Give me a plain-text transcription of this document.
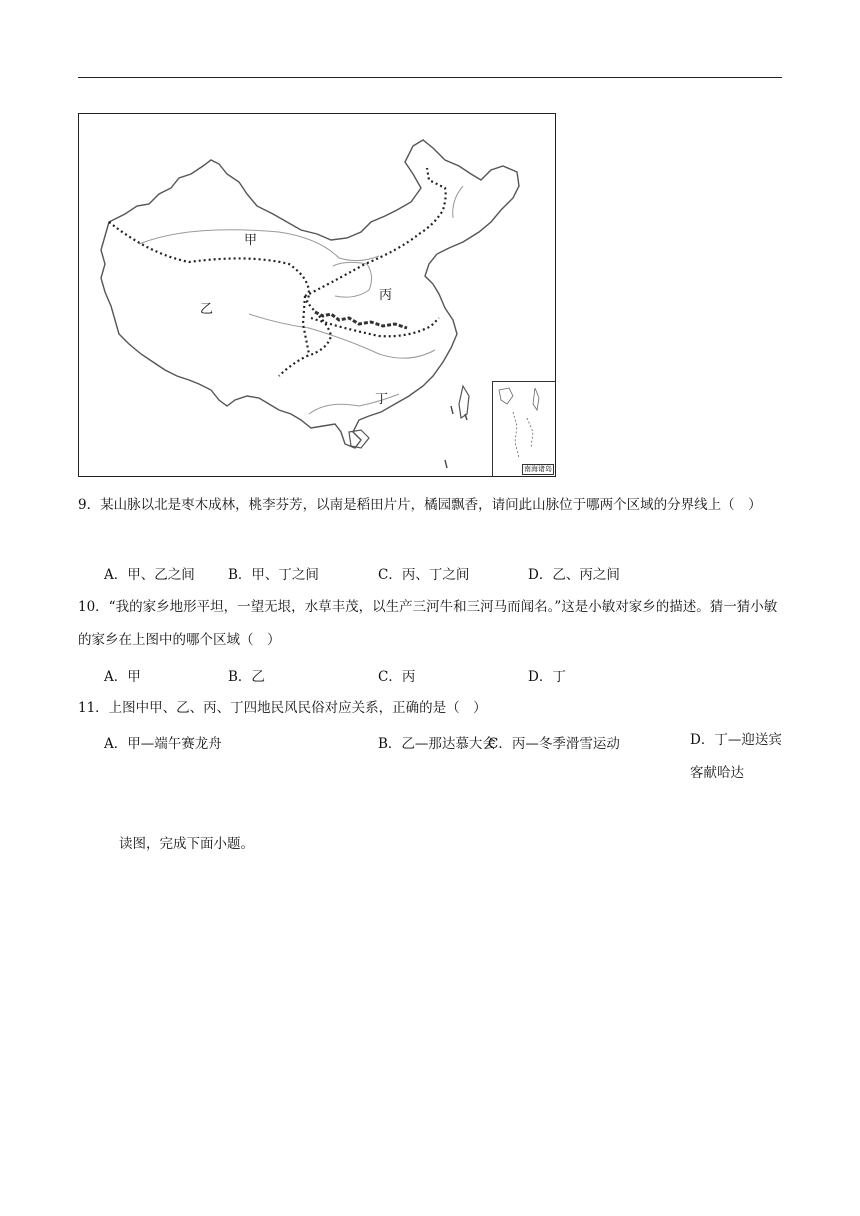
甲
乙
丙
丁
南海诸岛
9．某山脉以北是枣木成林，桃李芬芳，以南是稻田片片，橘园飘香，请问此山脉位于哪两个区域的分界线上（　）
A．甲、乙之间 B．甲、丁之间	C．丙、丁之间	D．乙、丙之间
10．“我的家乡地形平坦，一望无垠，水草丰茂，以生产三河牛和三河马而闻名。”这是小敏对家乡的描述。猜一猜小敏的家乡在上图中的哪个区域（　）
A．甲	B．乙	C．丙	D．丁
11．上图中甲、乙、丙、丁四地民风民俗对应关系，正确的是（　）
A．甲—端午赛龙舟	B．乙—那达慕大会
C．丙—冬季滑雪运动	D．丁—迎送宾客献哈达
读图，完成下面小题。
